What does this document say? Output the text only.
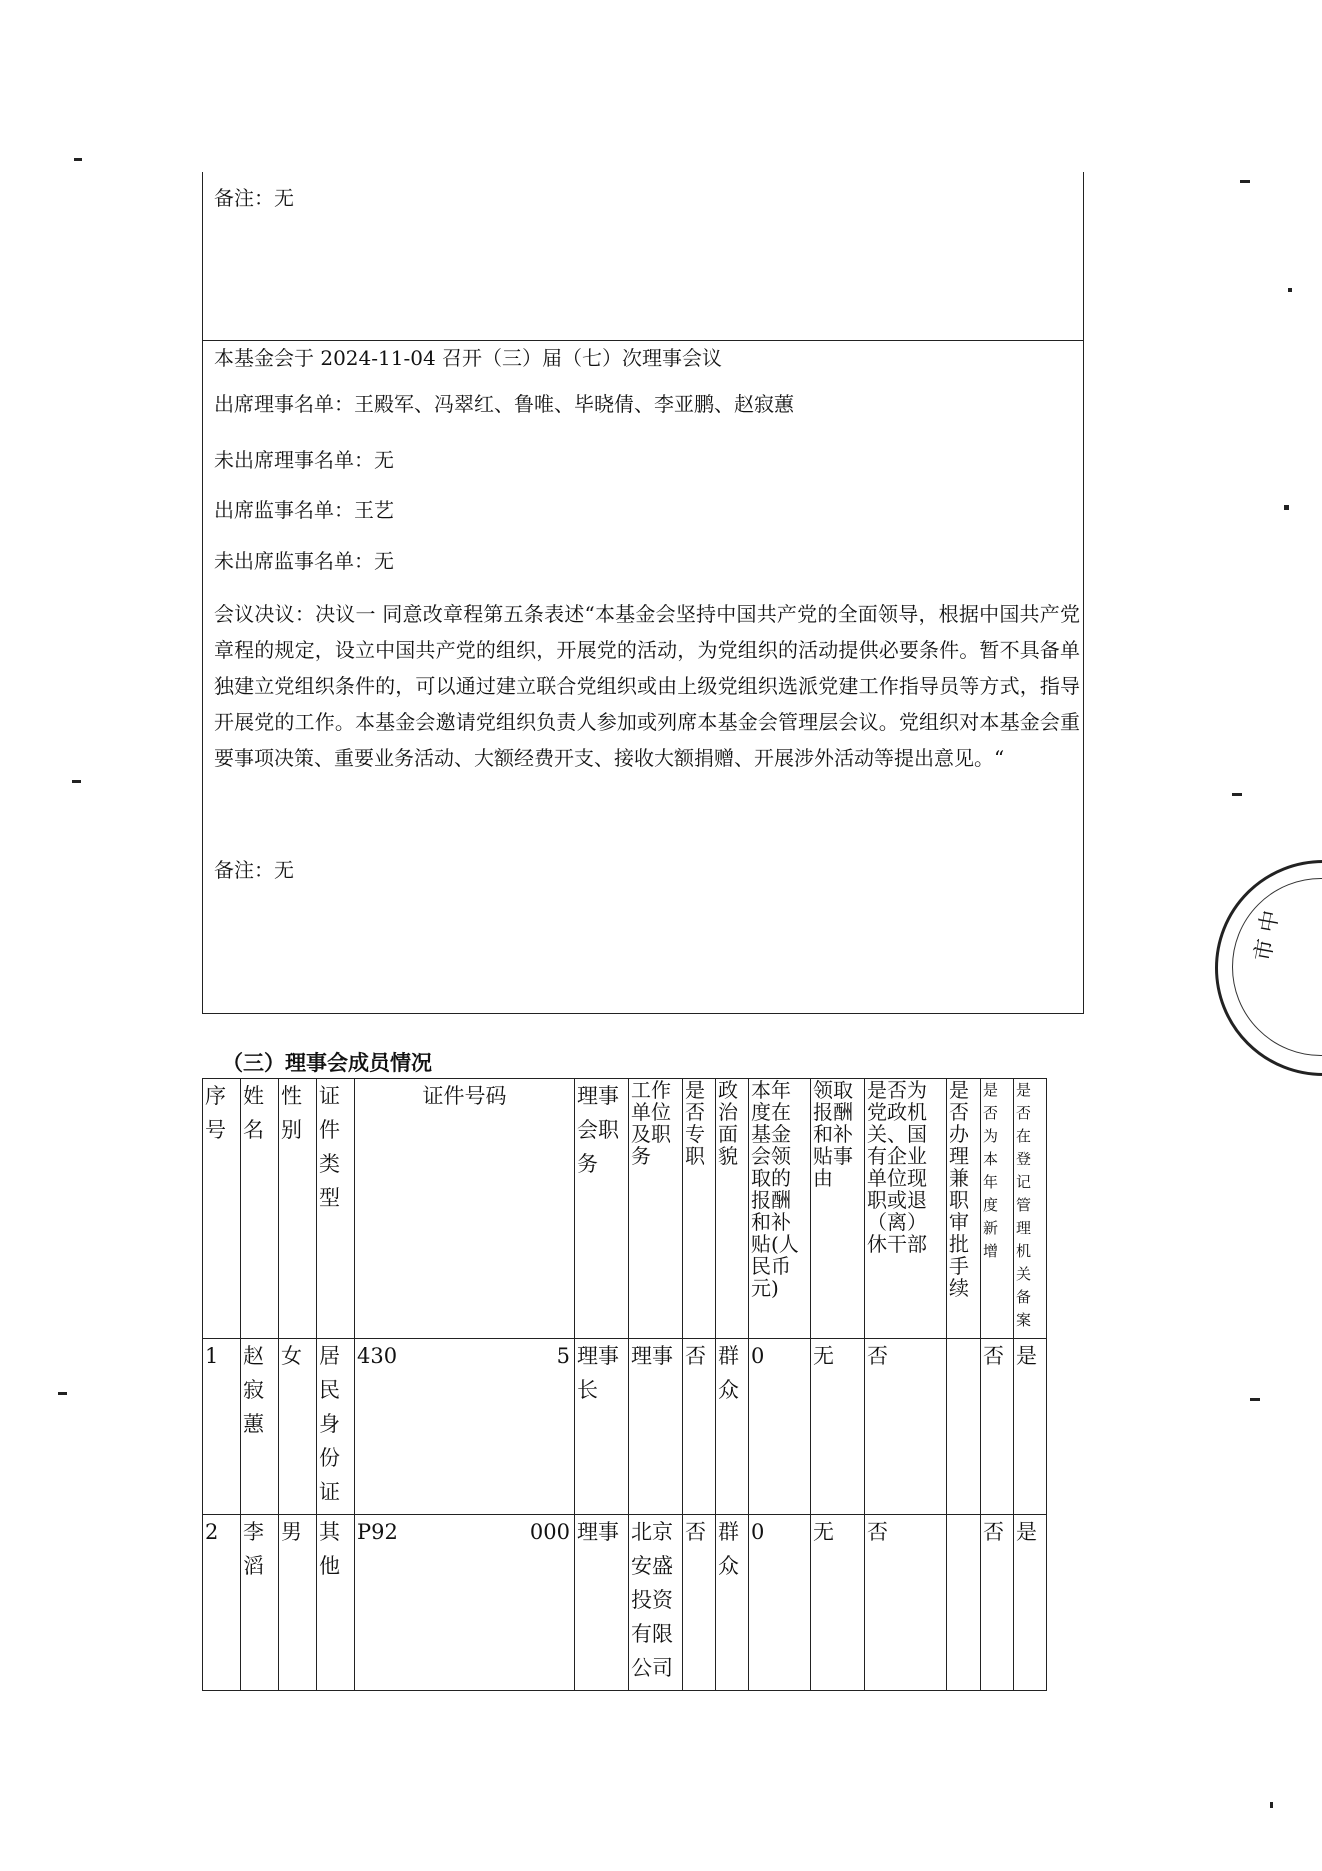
备注：无
本基金会于 2024-11-04 召开（三）届（七）次理事会议
出席理事名单：王殿军、冯翠红、鲁唯、毕晓倩、李亚鹏、赵寂蕙
未出席理事名单：无
出席监事名单：王艺
未出席监事名单：无
会议决议：决议一 同意改章程第五条表述“本基金会坚持中国共产党的全面领导，根据中国共产党章程的规定，设立中国共产党的组织，开展党的活动，为党组织的活动提供必要条件。暂不具备单独建立党组织条件的，可以通过建立联合党组织或由上级党组织选派党建工作指导员等方式，指导开展党的工作。本基金会邀请党组织负责人参加或列席本基金会管理层会议。党组织对本基金会重要事项决策、重要业务活动、大额经费开支、接收大额捐赠、开展涉外活动等提出意见。“
备注：无
（三）理事会成员情况
序号	姓名	性别	证件类型	证件号码	理事会职务	工作单位及职务	是否专职	政治面貌	本年度在基金会领取的报酬和补贴(人民币元)	领取报酬和补贴事由	是否为党政机关、国有企业单位现职或退（离）休干部	是否办理兼职审批手续	是否为本年度新增	是否在登记管理机关备案
1	赵寂蕙	女	居民身份证	430 5	理事长	理事	否	群众	0	无	否		否	是
2	李滔	男	其他	P92 000	理事	北京安盛投资有限公司	否	群众	0	无	否		否	是
市 中
